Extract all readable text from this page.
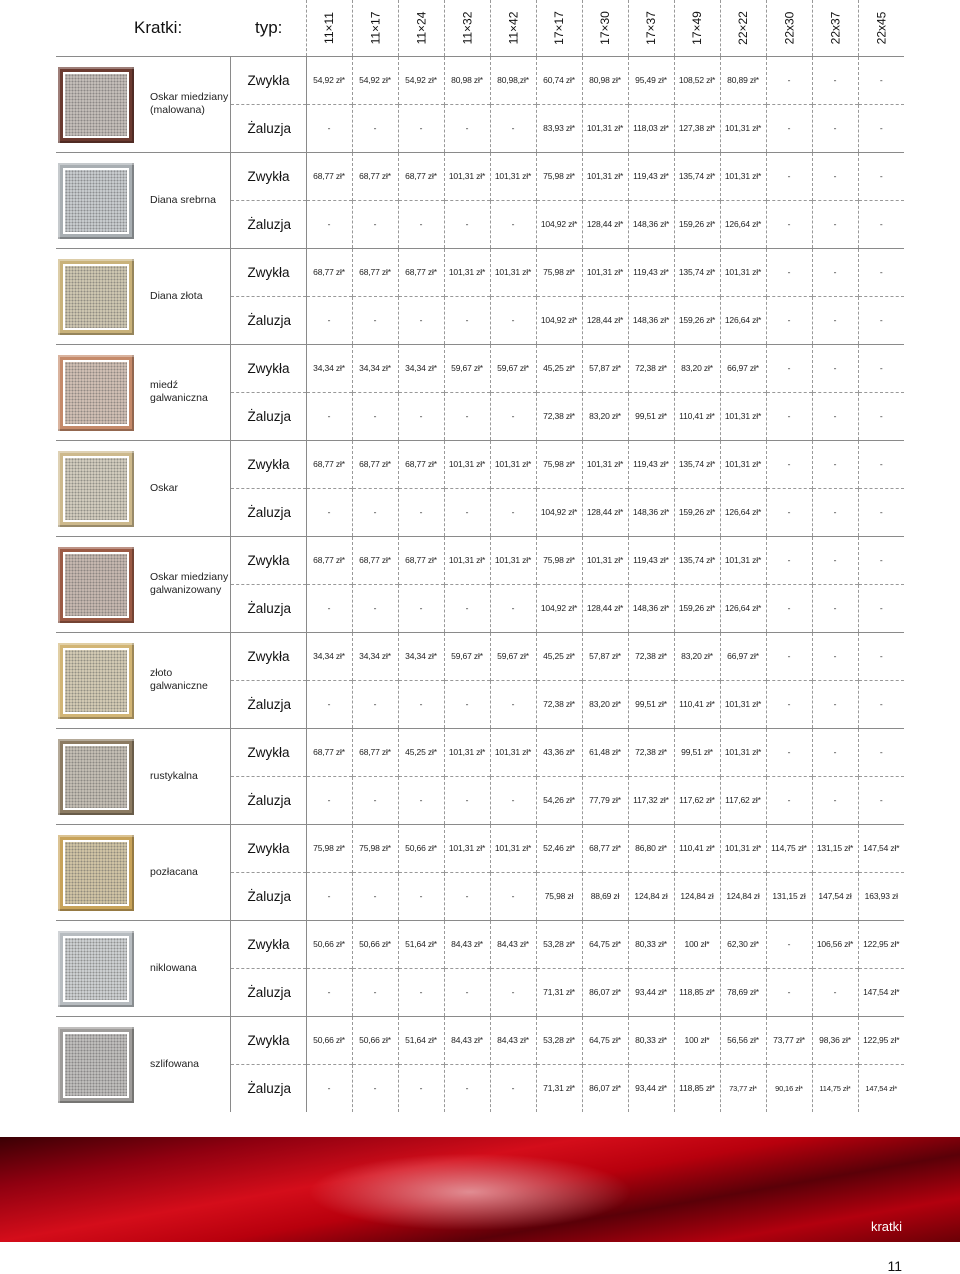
Kratki:		typ:	11×11	11×17	11×24	11×32	11×42	17×17	17×30	17×37	17×49	22×22	22x30	22x37	22x45

	Oskar miedziany (malowana)	Zwykła	54,92 zł*	54,92 zł*	54,92 zł*	80,98 zł*	80,98,zł*	60,74 zł*	80,98 zł*	95,49 zł*	108,52 zł*	80,89 zł*	-	-	-
		Żaluzja	-	-	-	-	-	83,93 zł*	101,31 zł*	118,03 zł*	127,38 zł*	101,31 zł*	-	-	-

	Diana srebrna	Zwykła	68,77 zł*	68,77 zł*	68,77 zł*	101,31 zł*	101,31 zł*	75,98 zł*	101,31 zł*	119,43 zł*	135,74 zł*	101,31 zł*	-	-	-
		Żaluzja	-	-	-	-	-	104,92 zł*	128,44 zł*	148,36 zł*	159,26 zł*	126,64 zł*	-	-	-

	Diana złota	Zwykła	68,77 zł*	68,77 zł*	68,77 zł*	101,31 zł*	101,31 zł*	75,98 zł*	101,31 zł*	119,43 zł*	135,74 zł*	101,31 zł*	-	-	-
		Żaluzja	-	-	-	-	-	104,92 zł*	128,44 zł*	148,36 zł*	159,26 zł*	126,64 zł*	-	-	-

	miedź galwaniczna	Zwykła	34,34 zł*	34,34 zł*	34,34 zł*	59,67 zł*	59,67 zł*	45,25 zł*	57,87 zł*	72,38 zł*	83,20 zł*	66,97 zł*	-	-	-
		Żaluzja	-	-	-	-	-	72,38 zł*	83,20 zł*	99,51 zł*	110,41 zł*	101,31 zł*	-	-	-

	Oskar	Zwykła	68,77 zł*	68,77 zł*	68,77 zł*	101,31 zł*	101,31 zł*	75,98 zł*	101,31 zł*	119,43 zł*	135,74 zł*	101,31 zł*	-	-	-
		Żaluzja	-	-	-	-	-	104,92 zł*	128,44 zł*	148,36 zł*	159,26 zł*	126,64 zł*	-	-	-

	Oskar miedziany galwanizowany	Zwykła	68,77 zł*	68,77 zł*	68,77 zł*	101,31 zł*	101,31 zł*	75,98 zł*	101,31 zł*	119,43 zł*	135,74 zł*	101,31 zł*	-	-	-
		Żaluzja	-	-	-	-	-	104,92 zł*	128,44 zł*	148,36 zł*	159,26 zł*	126,64 zł*	-	-	-

	złoto galwaniczne	Zwykła	34,34 zł*	34,34 zł*	34,34 zł*	59,67 zł*	59,67 zł*	45,25 zł*	57,87 zł*	72,38 zł*	83,20 zł*	66,97 zł*	-	-	-
		Żaluzja	-	-	-	-	-	72,38 zł*	83,20 zł*	99,51 zł*	110,41 zł*	101,31 zł*	-	-	-

	rustykalna	Zwykła	68,77 zł*	68,77 zł*	45,25 zł*	101,31 zł*	101,31 zł*	43,36 zł*	61,48 zł*	72,38 zł*	99,51 zł*	101,31 zł*	-	-	-
		Żaluzja	-	-	-	-	-	54,26 zł*	77,79 zł*	117,32 zł*	117,62 zł*	117,62 zł*	-	-	-

	pozłacana	Zwykła	75,98 zł*	75,98 zł*	50,66 zł*	101,31 zł*	101,31 zł*	52,46 zł*	68,77 zł*	86,80 zł*	110,41 zł*	101,31 zł*	114,75 zł*	131,15 zł*	147,54 zł*
		Żaluzja	-	-	-	-	-	75,98 zł	88,69 zł	124,84 zł	124,84 zł	124,84 zł	131,15 zł	147,54 zł	163,93 zł

	niklowana	Zwykła	50,66 zł*	50,66 zł*	51,64 zł*	84,43 zł*	84,43 zł*	53,28 zł*	64,75 zł*	80,33 zł*	100 zł*	62,30 zł*	-	106,56 zł*	122,95 zł*
		Żaluzja	-	-	-	-	-	71,31 zł*	86,07 zł*	93,44 zł*	118,85 zł*	78,69 zł*	-	-	147,54 zł*

	szlifowana	Zwykła	50,66 zł*	50,66 zł*	51,64 zł*	84,43 zł*	84,43 zł*	53,28 zł*	64,75 zł*	80,33 zł*	100 zł*	56,56 zł*	73,77 zł*	98,36 zł*	122,95 zł*
		Żaluzja	-	-	-	-	-	71,31 zł*	86,07 zł*	93,44 zł*	118,85 zł*	73,77 zł*	90,16 zł*	114,75 zł*	147,54 zł*
kratki
11
